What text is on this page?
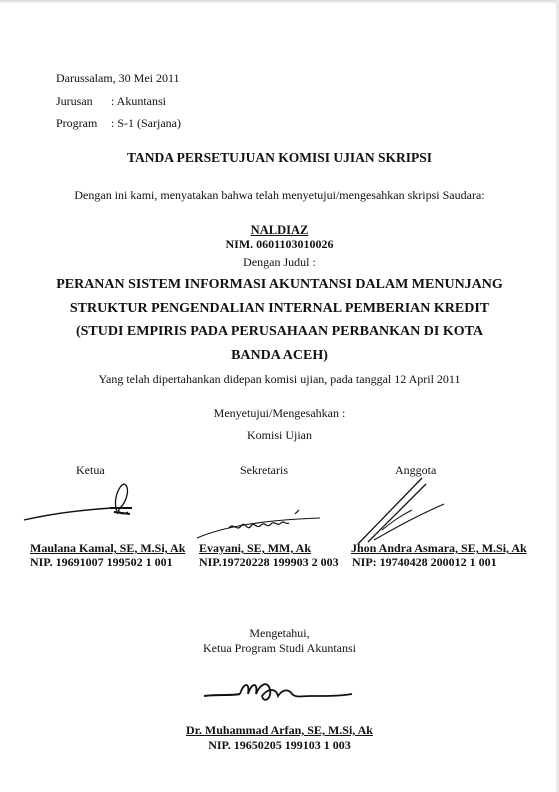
Darussalam, 30 Mei 2011
Jurusan : Akuntansi
Program : S-1 (Sarjana)
TANDA PERSETUJUAN KOMISI UJIAN SKRIPSI
Dengan ini kami, menyatakan bahwa telah menyetujui/mengesahkan skripsi Saudara:
NALDIAZ
NIM. 0601103010026
Dengan Judul :
PERANAN SISTEM INFORMASI AKUNTANSI DALAM MENUNJANG
STRUKTUR PENGENDALIAN INTERNAL PEMBERIAN KREDIT
(STUDI EMPIRIS PADA PERUSAHAAN PERBANKAN DI KOTA
BANDA ACEH)
Yang telah dipertahankan didepan komisi ujian, pada tanggal 12 April 2011
Menyetujui/Mengesahkan :
Komisi Ujian
Ketua	Sekretaris	Anggota
Maulana Kamal, SE, M.Si, Ak
NIP. 19691007 199502 1 001
Evayani, SE, MM, Ak
NIP.19720228 199903 2 003
Jhon Andra Asmara, SE, M.Si, Ak
NIP: 19740428 200012 1 001
Mengetahui,
Ketua Program Studi Akuntansi
Dr. Muhammad Arfan, SE, M.Si, Ak
NIP. 19650205 199103 1 003
